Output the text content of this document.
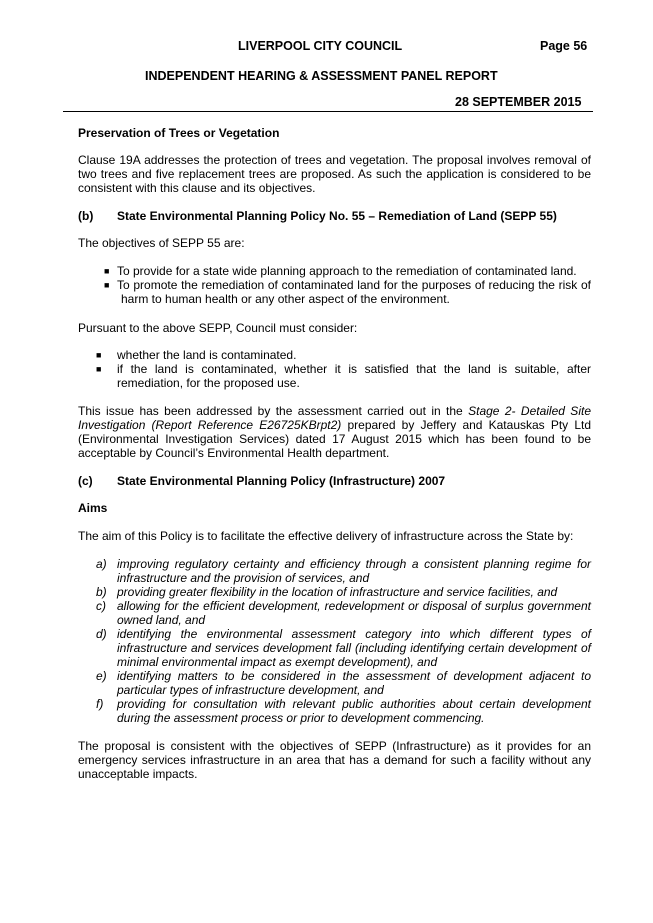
LIVERPOOL CITY COUNCIL	Page 56
INDEPENDENT HEARING & ASSESSMENT PANEL REPORT
28 SEPTEMBER 2015
Preservation of Trees or Vegetation
Clause 19A addresses the protection of trees and vegetation. The proposal involves removal of two trees and five replacement trees are proposed. As such the application is considered to be consistent with this clause and its objectives.
(b) State Environmental Planning Policy No. 55 – Remediation of Land (SEPP 55)
The objectives of SEPP 55 are:
■ To provide for a state wide planning approach to the remediation of contaminated land.
■ To promote the remediation of contaminated land for the purposes of reducing the risk of
harm to human health or any other aspect of the environment.
Pursuant to the above SEPP, Council must consider:
■ whether the land is contaminated.
■ if the land is contaminated, whether it is satisfied that the land is suitable, after
remediation, for the proposed use.
This issue has been addressed by the assessment carried out in the Stage 2- Detailed Site
Investigation (Report Reference E26725KBrpt2) prepared by Jeffery and Katauskas Pty Ltd
(Environmental Investigation Services) dated 17 August 2015 which has been found to be
acceptable by Council’s Environmental Health department.
(c) State Environmental Planning Policy (Infrastructure) 2007
Aims
The aim of this Policy is to facilitate the effective delivery of infrastructure across the State by:
a) improving regulatory certainty and efficiency through a consistent planning regime for
infrastructure and the provision of services, and
b) providing greater flexibility in the location of infrastructure and service facilities, and
c) allowing for the efficient development, redevelopment or disposal of surplus government
owned land, and
d) identifying the environmental assessment category into which different types of
infrastructure and services development fall (including identifying certain development of
minimal environmental impact as exempt development), and
e) identifying matters to be considered in the assessment of development adjacent to
particular types of infrastructure development, and
f) providing for consultation with relevant public authorities about certain development
during the assessment process or prior to development commencing.
The proposal is consistent with the objectives of SEPP (Infrastructure) as it provides for an emergency services infrastructure in an area that has a demand for such a facility without any unacceptable impacts.
